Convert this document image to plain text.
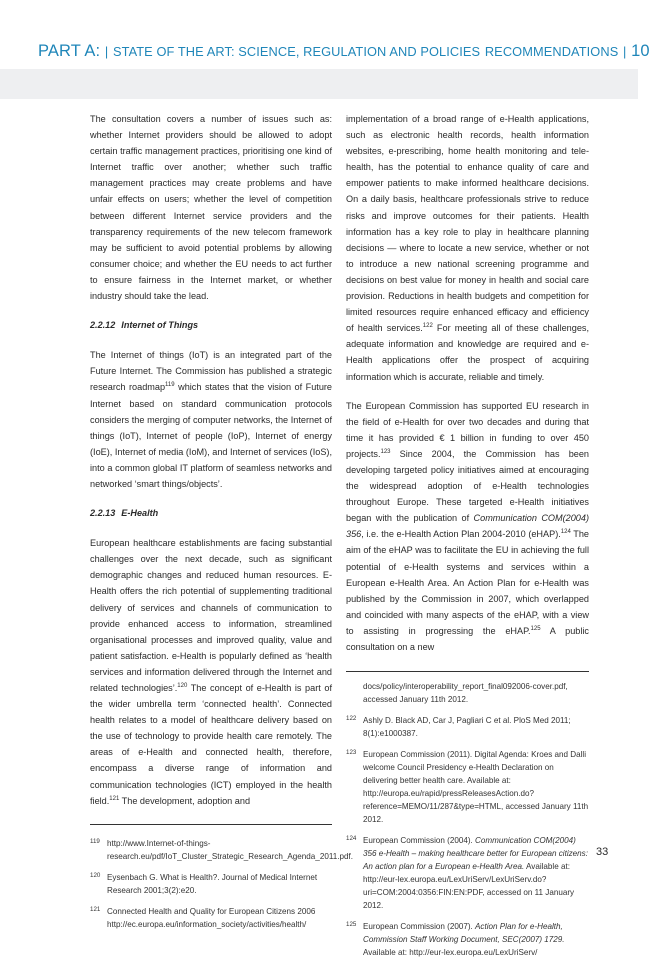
PART A: | STATE OF THE ART: SCIENCE, REGULATION AND POLICIES RECOMMENDATIONS | 10

The consultation covers a number of issues such as: whether Internet providers should be allowed to adopt certain traffic management practices, prioritising one kind of Internet traffic over another; whether such traffic management practices may create problems and have unfair effects on users; whether the level of competition between different Internet service providers and the transparency requirements of the new telecom framework may be sufficient to avoid potential problems by allowing consumer choice; and whether the EU needs to act further to ensure fairness in the Internet market, or whether industry should take the lead.

2.2.12 Internet of Things

The Internet of things (IoT) is an integrated part of the Future Internet. The Commission has published a strategic research roadmap$^{119}$ which states that the vision of Future Internet based on standard communication protocols considers the merging of computer networks, the Internet of things (IoT), Internet of people (IoP), Internet of energy (IoE), Internet of media (IoM), and Internet of services (IoS), into a common global IT platform of seamless networks and networked ‘smart things/objects’.

2.2.13 E-Health

European healthcare establishments are facing substantial challenges over the next decade, such as significant demographic changes and reduced human resources. E-Health offers the rich potential of supplementing traditional delivery of services and channels of communication to provide enhanced access to information, streamlined organisational processes and improved quality, value and patient satisfaction. e-Health is popularly defined as ‘health services and information delivered through the Internet and related technologies’.$^{120}$ The concept of e-Health is part of the wider umbrella term ‘connected health’. Connected health relates to a model of healthcare delivery based on the use of technology to provide health care remotely. The areas of e-Health and connected health, therefore, encompass a diverse range of information and communication technologies (ICT) employed in the health field.$^{121}$ The development, adoption and

119 http://www.Internet-of-things-research.eu/pdf/IoT_Cluster_Strategic_Research_Agenda_2011.pdf.
120 Eysenbach G. What is Health?. Journal of Medical Internet Research 2001;3(2):e20.
121 Connected Health and Quality for European Citizens 2006 http://ec.europa.eu/information_society/activities/health/

implementation of a broad range of e-Health applications, such as electronic health records, health information websites, e-prescribing, home health monitoring and tele-health, has the potential to enhance quality of care and empower patients to make informed healthcare decisions. On a daily basis, healthcare professionals strive to reduce risks and improve outcomes for their patients. Health information has a key role to play in healthcare planning decisions — where to locate a new service, whether or not to introduce a new national screening programme and decisions on best value for money in health and social care provision. Reductions in health budgets and competition for limited resources require enhanced efficacy and efficiency of health services.$^{122}$ For meeting all of these challenges, adequate information and knowledge are required and e-Health applications offer the prospect of acquiring information which is accurate, reliable and timely.

The European Commission has supported EU research in the field of e-Health for over two decades and during that time it has provided € 1 billion in funding to over 450 projects.$^{123}$ Since 2004, the Commission has been developing targeted policy initiatives aimed at encouraging the widespread adoption of e-Health technologies throughout Europe. These targeted e-Health initiatives began with the publication of Communication COM(2004) 356, i.e. the e-Health Action Plan 2004-2010 (eHAP).$^{124}$ The aim of the eHAP was to facilitate the EU in achieving the full potential of e-Health systems and services within a European e-Health Area. An Action Plan for e-Health was published by the Commission in 2007, which overlapped and coincided with many aspects of the eHAP, with a view to assisting in progressing the eHAP.$^{125}$ A public consultation on a new

docs/policy/interoperability_report_final092006-cover.pdf, accessed January 11th 2012.
122 Ashly D. Black AD, Car J, Pagliari C et al. PloS Med 2011; 8(1):e1000387.
123 European Commission (2011). Digital Agenda: Kroes and Dalli welcome Council Presidency e-Health Declaration on delivering better health care. Available at: http://europa.eu/rapid/pressReleasesAction.do?reference=MEMO/11/287&type=HTML, accessed January 11th 2012.
124 European Commission (2004). Communication COM(2004) 356 e-Health – making healthcare better for European citizens: An action plan for a European e-Health Area. Available at: http://eur-lex.europa.eu/LexUriServ/LexUriServ.do?uri=COM:2004:0356:FIN:EN:PDF, accessed on 11 January 2012.
125 European Commission (2007). Action Plan for e-Health, Commission Staff Working Document, SEC(2007) 1729. Available at: http://eur-lex.europa.eu/LexUriServ/
33
